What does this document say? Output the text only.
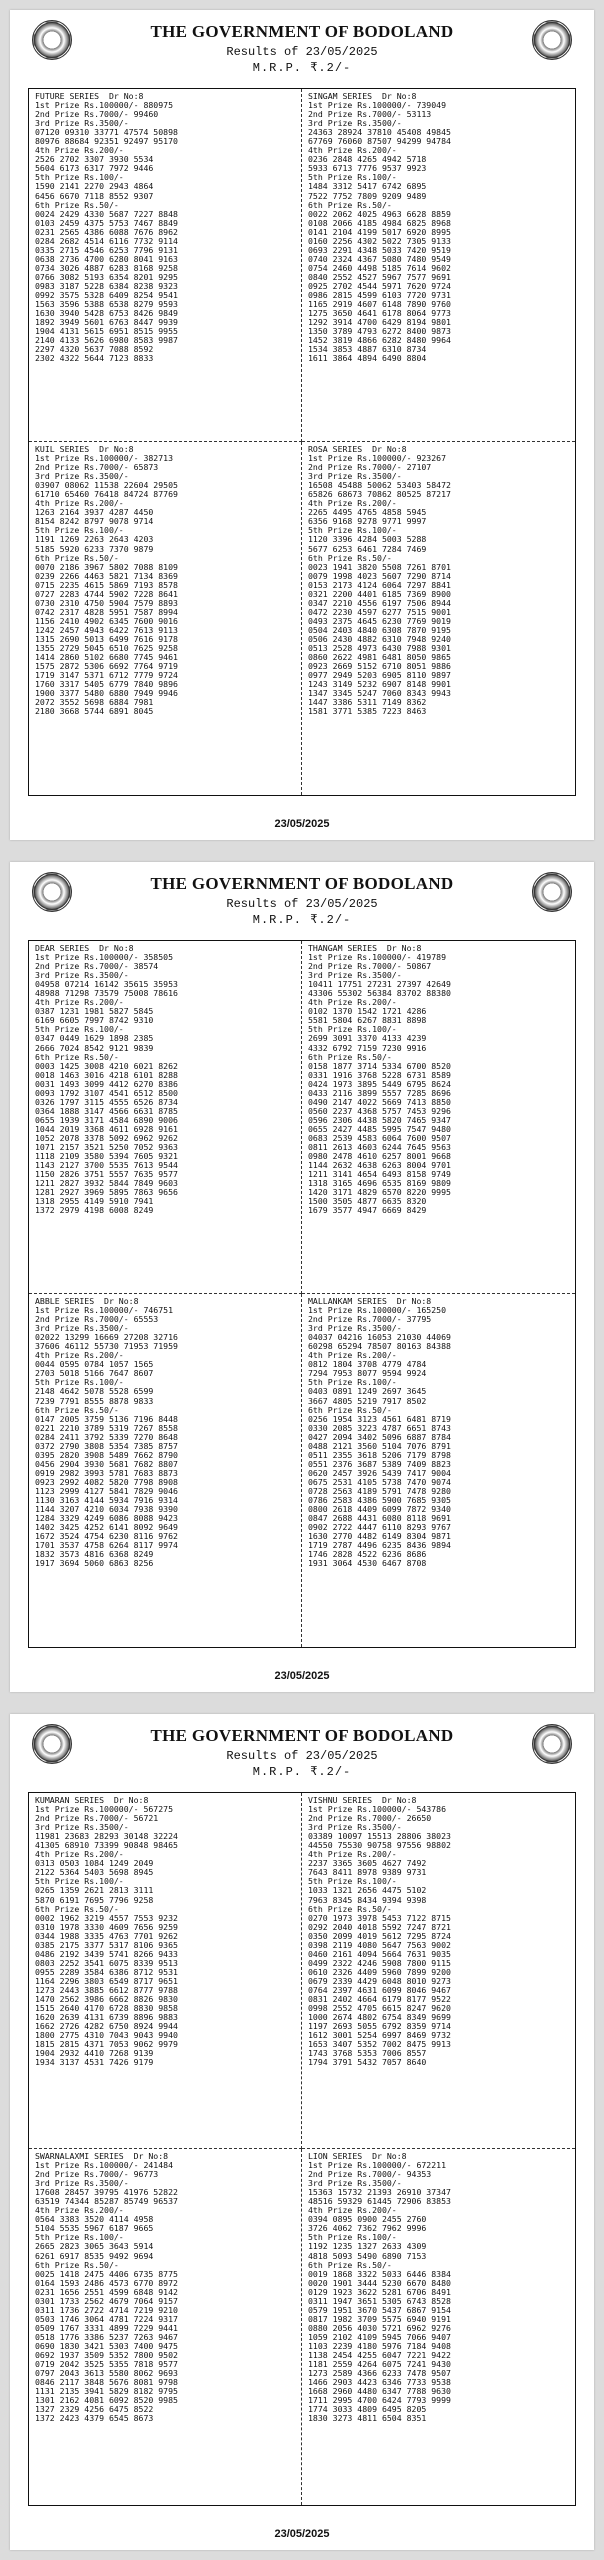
THE GOVERNMENT OF BODOLAND
Results of 23/05/2025
M.R.P. ₹.2/-
FUTURE SERIES  Dr No:8
1st Prize Rs.100000/- 880975
2nd Prize Rs.7000/- 99460
3rd Prize Rs.3500/-
07120 09310 33771 47574 50898
80976 88684 92351 92497 95170
4th Prize Rs.200/-
2526 2702 3307 3930 5534
5604 6173 6317 7972 9446
5th Prize Rs.100/-
1590 2141 2270 2943 4864
6456 6670 7118 8552 9307
6th Prize Rs.50/-
0024 2429 4330 5687 7227 8848
0103 2459 4375 5753 7467 8849
0231 2565 4386 6088 7676 8962
0284 2682 4514 6116 7732 9114
0335 2715 4546 6253 7796 9131
0638 2736 4700 6280 8041 9163
0734 3026 4887 6283 8168 9258
0766 3082 5193 6354 8201 9295
0983 3187 5228 6384 8238 9323
0992 3575 5328 6409 8254 9541
1563 3596 5388 6538 8279 9593
1630 3940 5428 6753 8426 9849
1892 3949 5601 6763 8447 9939
1904 4131 5615 6951 8515 9955
2140 4133 5626 6980 8583 9987
2297 4320 5637 7088 8592
2302 4322 5644 7123 8833
SINGAM SERIES  Dr No:8
1st Prize Rs.100000/- 739049
2nd Prize Rs.7000/- 53113
3rd Prize Rs.3500/-
24363 28924 37810 45408 49845
67769 76060 87507 94299 94784
4th Prize Rs.200/-
0236 2848 4265 4942 5718
5933 6713 7776 9537 9923
5th Prize Rs.100/-
1484 3312 5417 6742 6895
7522 7752 7809 9209 9489
6th Prize Rs.50/-
0022 2062 4025 4963 6628 8859
0108 2066 4185 4984 6825 8968
0141 2104 4199 5017 6920 8995
0160 2256 4302 5022 7305 9133
0693 2291 4348 5033 7420 9519
0740 2324 4367 5080 7480 9549
0754 2460 4498 5185 7614 9602
0840 2552 4527 5967 7577 9691
0925 2702 4544 5971 7620 9724
0986 2815 4599 6103 7720 9731
1165 2919 4607 6148 7890 9760
1275 3650 4641 6178 8064 9773
1292 3914 4700 6429 8194 9801
1350 3789 4793 6272 8400 9873
1452 3819 4866 6282 8480 9964
1534 3853 4887 6310 8734
1611 3864 4894 6490 8804
KUIL SERIES  Dr No:8
1st Prize Rs.100000/- 382713
2nd Prize Rs.7000/- 65873
3rd Prize Rs.3500/-
03907 08062 11538 22604 29505
61710 65460 76418 84724 87769
4th Prize Rs.200/-
1263 2164 3937 4287 4450
8154 8242 8797 9078 9714
5th Prize Rs.100/-
1191 1269 2263 2643 4203
5185 5920 6233 7370 9879
6th Prize Rs.50/-
0070 2186 3967 5802 7088 8109
0239 2266 4463 5821 7134 8369
0715 2235 4615 5869 7193 8578
0727 2283 4744 5902 7228 8641
0730 2310 4750 5904 7579 8893
0742 2317 4828 5951 7587 8994
1156 2410 4902 6345 7600 9016
1242 2457 4943 6422 7613 9113
1315 2690 5013 6499 7616 9178
1355 2729 5045 6510 7625 9258
1414 2860 5102 6680 7745 9461
1575 2872 5306 6692 7764 9719
1719 3147 5371 6712 7779 9724
1760 3317 5405 6779 7840 9896
1900 3377 5480 6880 7949 9946
2072 3552 5698 6884 7981
2180 3668 5744 6891 8045
ROSA SERIES  Dr No:8
1st Prize Rs.100000/- 923267
2nd Prize Rs.7000/- 27107
3rd Prize Rs.3500/-
16508 45488 50062 53403 58472
65826 68673 70862 80525 87217
4th Prize Rs.200/-
2265 4495 4765 4858 5945
6356 9168 9278 9771 9997
5th Prize Rs.100/-
1120 3396 4284 5003 5288
5677 6253 6461 7284 7469
6th Prize Rs.50/-
0023 1941 3820 5508 7261 8701
0079 1998 4023 5607 7290 8714
0153 2173 4124 6064 7297 8841
0321 2200 4401 6185 7369 8900
0347 2210 4556 6197 7506 8944
0472 2230 4597 6277 7515 9001
0493 2375 4645 6230 7769 9019
0504 2403 4840 6308 7870 9195
0506 2430 4882 6310 7948 9240
0513 2528 4973 6430 7988 9301
0860 2622 4981 6481 8050 9865
0923 2669 5152 6710 8051 9886
0977 2949 5203 6905 8110 9897
1243 3149 5232 6907 8148 9901
1347 3345 5247 7060 8343 9943
1447 3386 5311 7149 8362
1581 3771 5385 7223 8463
23/05/2025
THE GOVERNMENT OF BODOLAND
Results of 23/05/2025
M.R.P. ₹.2/-
DEAR SERIES  Dr No:8
1st Prize Rs.100000/- 358505
2nd Prize Rs.7000/- 38574
3rd Prize Rs.3500/-
04958 07214 16142 35615 35953
48988 71298 73579 75008 78616
4th Prize Rs.200/-
0387 1231 1981 5827 5845
6169 6605 7997 8742 9310
5th Prize Rs.100/-
0347 0449 1629 1898 2385
2666 7024 8542 9121 9839
6th Prize Rs.50/-
0003 1425 3008 4210 6021 8262
0018 1463 3016 4218 6101 8288
0031 1493 3099 4412 6270 8386
0093 1792 3107 4541 6512 8500
0326 1797 3115 4555 6526 8734
0364 1888 3147 4566 6631 8785
0655 1939 3171 4584 6890 9006
1044 2019 3368 4611 6928 9161
1052 2078 3378 5092 6962 9262
1071 2157 3521 5250 7052 9363
1118 2109 3580 5394 7605 9321
1143 2127 3700 5535 7613 9544
1150 2826 3751 5557 7635 9577
1211 2827 3932 5844 7849 9603
1281 2927 3969 5895 7863 9656
1318 2955 4149 5910 7941
1372 2979 4198 6008 8249
THANGAM SERIES  Dr No:8
1st Prize Rs.100000/- 419789
2nd Prize Rs.7000/- 50867
3rd Prize Rs.3500/-
10411 17751 27231 27397 42649
43306 55302 56384 83702 88380
4th Prize Rs.200/-
0102 1370 1542 1721 4286
5581 5804 6267 8831 8898
5th Prize Rs.100/-
2699 3091 3370 4133 4239
4332 6792 7159 7230 9916
6th Prize Rs.50/-
0158 1877 3714 5334 6700 8520
0331 1916 3768 5228 6731 8589
0424 1973 3895 5449 6795 8624
0433 2116 3899 5557 7285 8696
0490 2147 4022 5669 7413 8850
0560 2237 4368 5757 7453 9296
0596 2306 4438 5820 7465 9347
0655 2427 4485 5995 7547 9480
0683 2539 4583 6064 7600 9507
0811 2613 4603 6244 7645 9563
0980 2478 4610 6257 8001 9668
1144 2632 4638 6263 8004 9701
1211 3141 4654 6493 8158 9749
1318 3165 4696 6535 8169 9809
1420 3171 4829 6570 8220 9995
1500 3505 4877 6635 8320
1679 3577 4947 6669 8429
ABBLE SERIES  Dr No:8
1st Prize Rs.100000/- 746751
2nd Prize Rs.7000/- 65553
3rd Prize Rs.3500/-
02022 13299 16669 27208 32716
37606 46112 55730 71953 71959
4th Prize Rs.200/-
0044 0595 0784 1057 1565
2703 5018 5166 7647 8607
5th Prize Rs.100/-
2148 4642 5078 5528 6599
7239 7791 8555 8878 9833
6th Prize Rs.50/-
0147 2005 3759 5136 7196 8448
0221 2210 3789 5319 7267 8558
0284 2411 3792 5339 7270 8648
0372 2790 3808 5354 7385 8757
0395 2820 3908 5489 7662 8790
0456 2904 3930 5681 7682 8807
0919 2982 3993 5781 7683 8873
0923 2992 4082 5820 7798 8908
1123 2999 4127 5841 7829 9046
1130 3163 4144 5934 7916 9314
1144 3207 4210 6034 7938 9390
1284 3329 4249 6086 8088 9423
1402 3425 4252 6141 8092 9649
1672 3524 4754 6230 8116 9762
1701 3537 4758 6264 8117 9974
1832 3573 4816 6368 8249
1917 3694 5060 6863 8256
MALLANKAM SERIES  Dr No:8
1st Prize Rs.100000/- 165250
2nd Prize Rs.7000/- 37795
3rd Prize Rs.3500/-
04037 04216 16053 21030 44069
60298 65294 78507 80163 84388
4th Prize Rs.200/-
0812 1804 3708 4779 4784
7294 7953 8077 9594 9924
5th Prize Rs.100/-
0403 0891 1249 2697 3645
3667 4805 5219 7917 8502
6th Prize Rs.50/-
0256 1954 3123 4561 6481 8719
0330 2085 3223 4787 6651 8743
0427 2094 3402 5096 6887 8784
0488 2121 3560 5104 7076 8791
0511 2355 3618 5206 7179 8798
0551 2376 3687 5389 7409 8823
0620 2457 3926 5439 7417 9004
0675 2531 4105 5738 7470 9074
0728 2563 4189 5791 7478 9280
0786 2583 4386 5900 7685 9305
0800 2618 4409 6099 7872 9340
0847 2688 4431 6080 8118 9691
0902 2722 4447 6110 8293 9767
1630 2770 4482 6149 8304 9871
1719 2787 4496 6235 8436 9894
1746 2828 4522 6236 8686
1931 3064 4530 6467 8708
23/05/2025
THE GOVERNMENT OF BODOLAND
Results of 23/05/2025
M.R.P. ₹.2/-
KUMARAN SERIES  Dr No:8
1st Prize Rs.100000/- 567275
2nd Prize Rs.7000/- 56721
3rd Prize Rs.3500/-
11981 23683 28293 30148 32224
41305 68910 73399 90848 98465
4th Prize Rs.200/-
0313 0503 1084 1249 2049
2122 5364 5403 5698 8945
5th Prize Rs.100/-
0265 1359 2621 2813 3111
5870 6191 7695 7796 9258
6th Prize Rs.50/-
0002 1962 3219 4557 7553 9232
0310 1978 3330 4609 7656 9259
0344 1988 3335 4763 7701 9262
0385 2175 3377 5317 8106 9365
0486 2192 3439 5741 8266 9433
0803 2252 3541 6075 8339 9513
0955 2289 3584 6386 8712 9531
1164 2296 3803 6549 8717 9651
1273 2443 3885 6612 8777 9788
1470 2562 3986 6662 8826 9830
1515 2640 4170 6728 8830 9858
1620 2639 4131 6739 8896 9883
1662 2726 4282 6750 8924 9944
1800 2775 4310 7043 9043 9940
1815 2815 4371 7053 9062 9979
1904 2932 4410 7268 9139
1934 3137 4531 7426 9179
VISHNU SERIES  Dr No:8
1st Prize Rs.100000/- 543786
2nd Prize Rs.7000/- 26650
3rd Prize Rs.3500/-
03389 10097 15513 28806 38023
44550 75530 90758 97556 98802
4th Prize Rs.200/-
2237 3365 3605 4627 7492
7643 8411 8978 9389 9731
5th Prize Rs.100/-
1033 1321 2656 4475 5102
7963 8345 8434 9394 9398
6th Prize Rs.50/-
0270 1973 3978 5453 7122 8715
0292 2040 4018 5592 7247 8721
0350 2099 4019 5612 7295 8724
0398 2119 4080 5647 7563 9002
0460 2161 4094 5664 7631 9035
0499 2322 4246 5908 7800 9115
0610 2326 4409 5960 7899 9200
0679 2339 4429 6048 8010 9273
0764 2397 4631 6099 8046 9467
0831 2402 4664 6179 8177 9522
0998 2552 4705 6615 8247 9620
1000 2674 4802 6754 8349 9699
1197 2693 5055 6792 8359 9714
1612 3001 5254 6997 8469 9732
1653 3407 5352 7002 8475 9913
1743 3768 5353 7006 8557
1794 3791 5432 7057 8640
SWARNALAXMI SERIES  Dr No:8
1st Prize Rs.100000/- 241484
2nd Prize Rs.7000/- 96773
3rd Prize Rs.3500/-
17608 28457 39795 41976 52822
63519 74344 85287 85749 96537
4th Prize Rs.200/-
0564 3383 3520 4114 4958
5104 5535 5967 6187 9665
5th Prize Rs.100/-
2665 2823 3065 3643 5914
6261 6917 8535 9492 9694
6th Prize Rs.50/-
0025 1418 2475 4406 6735 8775
0164 1593 2486 4573 6770 8972
0231 1656 2551 4599 6848 9142
0301 1733 2562 4679 7064 9157
0311 1736 2722 4714 7219 9210
0503 1746 3064 4781 7224 9317
0509 1767 3331 4899 7229 9441
0518 1776 3386 5237 7263 9467
0690 1830 3421 5303 7400 9475
0692 1937 3509 5352 7800 9502
0719 2042 3525 5355 7818 9577
0797 2043 3613 5580 8062 9693
0846 2117 3848 5676 8081 9798
1131 2135 3941 5829 8182 9795
1301 2162 4081 6092 8520 9985
1327 2329 4256 6475 8522
1372 2423 4379 6545 8673
LION SERIES  Dr No:8
1st Prize Rs.100000/- 672211
2nd Prize Rs.7000/- 94353
3rd Prize Rs.3500/-
15363 15732 21393 26910 37347
48516 59329 61445 72906 83853
4th Prize Rs.200/-
0394 0895 0900 2455 2760
3726 4062 7362 7962 9996
5th Prize Rs.100/-
1192 1235 1327 2633 4309
4818 5093 5490 6890 7153
6th Prize Rs.50/-
0019 1868 3322 5033 6446 8384
0020 1901 3444 5230 6670 8480
0129 1923 3622 5281 6706 8491
0311 1947 3651 5305 6743 8528
0579 1951 3670 5437 6867 9154
0817 1982 3709 5575 6940 9191
0880 2056 4030 5721 6962 9276
1059 2102 4109 5945 7066 9407
1103 2239 4180 5976 7184 9408
1138 2454 4255 6047 7221 9422
1181 2559 4264 6075 7241 9430
1273 2589 4366 6233 7478 9507
1466 2903 4423 6346 7733 9538
1668 2960 4480 6347 7788 9630
1711 2995 4700 6424 7793 9999
1774 3033 4809 6495 8205
1830 3273 4811 6504 8351
23/05/2025
